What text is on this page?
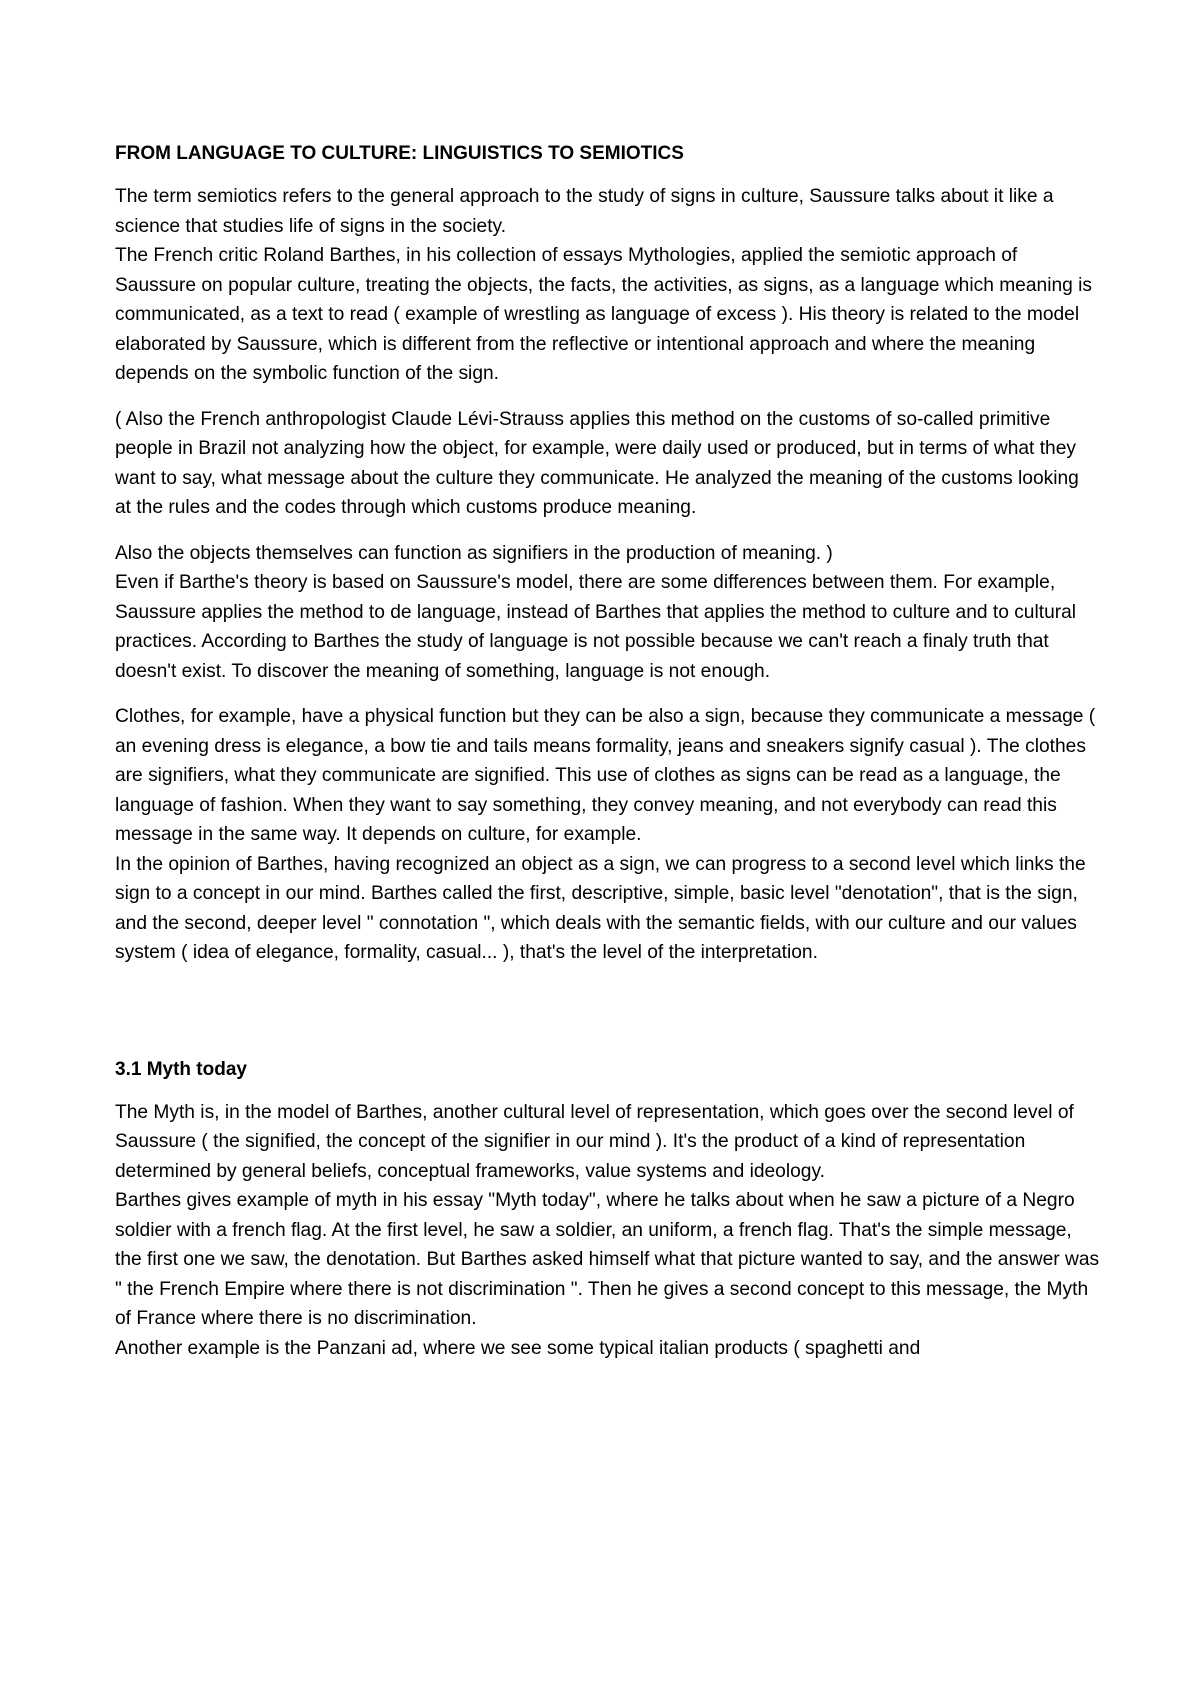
FROM LANGUAGE TO CULTURE: LINGUISTICS TO SEMIOTICS

The term semiotics refers to the general approach to the study of signs in culture, Saussure talks about it like a science that studies life of signs in the society.

The French critic Roland Barthes, in his collection of essays Mythologies, applied the semiotic approach of Saussure on popular culture, treating the objects, the facts, the activities, as signs, as a language which meaning is communicated, as a text to read ( example of wrestling as language of excess ). His theory is related to the model elaborated by Saussure, which is different from the reflective or intentional approach and where the meaning depends on the symbolic function of the sign.

( Also the French anthropologist Claude Lévi-Strauss applies this method on the customs of so-called primitive people in Brazil not analyzing how the object, for example, were daily used or produced, but in terms of what they want to say, what message about the culture they communicate. He analyzed the meaning of the customs looking at the rules and the codes through which customs produce meaning.

Also the objects themselves can function as signifiers in the production of meaning. )

Even if Barthe's theory is based on Saussure's model, there are some differences between them. For example, Saussure applies the method to de language, instead of Barthes that applies the method to culture and to cultural practices. According to Barthes the study of language is not possible because we can't reach a finaly truth that doesn't exist. To discover the meaning of something, language is not enough.

Clothes, for example, have a physical function but they can be also a sign, because they communicate a message ( an evening dress is elegance, a bow tie and tails means formality, jeans and sneakers signify casual ). The clothes are signifiers, what they communicate are signified. This use of clothes as signs can be read as a language, the language of fashion. When they want to say something, they convey meaning, and not everybody can read this message in the same way. It depends on culture, for example.

In the opinion of Barthes, having recognized an object as a sign, we can progress to a second level which links the sign to a concept in our mind. Barthes called the first, descriptive, simple, basic level "denotation", that is the sign, and the second, deeper level " connotation ", which deals with the semantic fields, with our culture and our values system ( idea of elegance, formality, casual... ), that's the level of the interpretation.

3.1 Myth today

The Myth is, in the model of Barthes, another cultural level of representation, which goes over the second level of Saussure ( the signified, the concept of the signifier in our mind ). It's the product of a kind of representation determined by general beliefs, conceptual frameworks, value systems and ideology.

Barthes gives example of myth in his essay "Myth today", where he talks about when he saw a picture of a Negro soldier with a french flag. At the first level, he saw a soldier, an uniform, a french flag. That's the simple message, the first one we saw, the denotation. But Barthes asked himself what that picture wanted to say, and the answer was " the French Empire where there is not discrimination ". Then he gives a second concept to this message, the Myth of France where there is no discrimination.

Another example is the Panzani ad, where we see some typical italian products ( spaghetti and
